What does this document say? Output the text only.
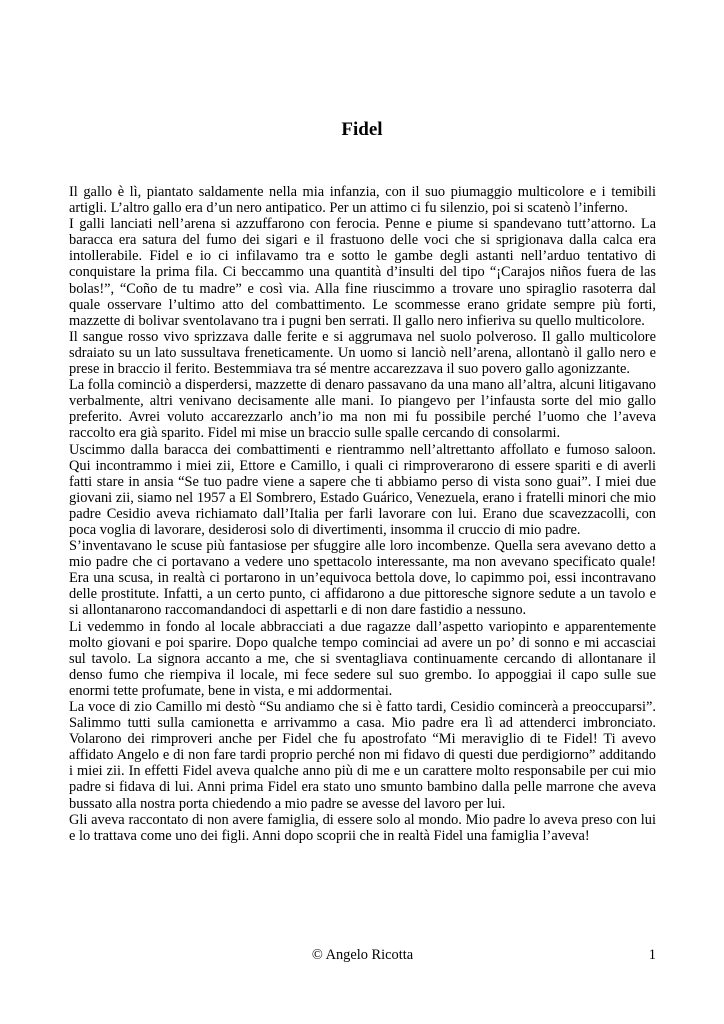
Fidel

Il gallo è lì, piantato saldamente nella mia infanzia, con il suo piumaggio multicolore e i temibili artigli. L’altro gallo era d’un nero antipatico. Per un attimo ci fu silenzio, poi si scatenò l’inferno.

I galli lanciati nell’arena si azzuffarono con ferocia. Penne e piume si spandevano tutt’attorno. La baracca era satura del fumo dei sigari e il frastuono delle voci che si sprigionava dalla calca era intollerabile. Fidel e io ci infilavamo tra e sotto le gambe degli astanti nell’arduo tentativo di conquistare la prima fila. Ci beccammo una quantità d’insulti del tipo “¡Carajos niños fuera de las bolas!”, “Coño de tu madre” e così via. Alla fine riuscimmo a trovare uno spiraglio rasoterra dal quale osservare l’ultimo atto del combattimento. Le scommesse erano gridate sempre più forti, mazzette di bolivar sventolavano tra i pugni ben serrati. Il gallo nero infieriva su quello multicolore.

Il sangue rosso vivo sprizzava dalle ferite e si aggrumava nel suolo polveroso. Il gallo multicolore sdraiato su un lato sussultava freneticamente. Un uomo si lanciò nell’arena, allontanò il gallo nero e prese in braccio il ferito. Bestemmiava tra sé mentre accarezzava il suo povero gallo agonizzante.

La folla cominciò a disperdersi, mazzette di denaro passavano da una mano all’altra, alcuni litigavano verbalmente, altri venivano decisamente alle mani. Io piangevo per l’infausta sorte del mio gallo preferito. Avrei voluto accarezzarlo anch’io ma non mi fu possibile perché l’uomo che l’aveva raccolto era già sparito. Fidel mi mise un braccio sulle spalle cercando di consolarmi.

Uscimmo dalla baracca dei combattimenti e rientrammo nell’altrettanto affollato e fumoso saloon. Qui incontrammo i miei zii, Ettore e Camillo, i quali ci rimproverarono di essere spariti e di averli fatti stare in ansia “Se tuo padre viene a sapere che ti abbiamo perso di vista sono guai”. I miei due giovani zii, siamo nel 1957 a El Sombrero, Estado Guárico, Venezuela, erano i fratelli minori che mio padre Cesidio aveva richiamato dall’Italia per farli lavorare con lui. Erano due scavezzacolli, con poca voglia di lavorare, desiderosi solo di divertimenti, insomma il cruccio di mio padre.

S’inventavano le scuse più fantasiose per sfuggire alle loro incombenze. Quella sera avevano detto a mio padre che ci portavano a vedere uno spettacolo interessante, ma non avevano specificato quale! Era una scusa, in realtà ci portarono in un’equivoca bettola dove, lo capimmo poi, essi incontravano delle prostitute. Infatti, a un certo punto, ci affidarono a due pittoresche signore sedute a un tavolo e si allontanarono raccomandandoci di aspettarli e di non dare fastidio a nessuno.

Li vedemmo in fondo al locale abbracciati a due ragazze dall’aspetto variopinto e apparentemente molto giovani e poi sparire. Dopo qualche tempo cominciai ad avere un po’ di sonno e mi accasciai sul tavolo. La signora accanto a me, che si sventagliava continuamente cercando di allontanare il denso fumo che riempiva il locale, mi fece sedere sul suo grembo. Io appoggiai il capo sulle sue enormi tette profumate, bene in vista, e mi addormentai.

La voce di zio Camillo mi destò “Su andiamo che si è fatto tardi, Cesidio comincerà a preoccuparsi”. Salimmo tutti sulla camionetta e arrivammo a casa. Mio padre era lì ad attenderci imbronciato. Volarono dei rimproveri anche per Fidel che fu apostrofato “Mi meraviglio di te Fidel! Ti avevo affidato Angelo e di non fare tardi proprio perché non mi fidavo di questi due perdigiorno” additando i miei zii. In effetti Fidel aveva qualche anno più di me e un carattere molto responsabile per cui mio padre si fidava di lui. Anni prima Fidel era stato uno smunto bambino dalla pelle marrone che aveva bussato alla nostra porta chiedendo a mio padre se avesse del lavoro per lui.

Gli aveva raccontato di non avere famiglia, di essere solo al mondo. Mio padre lo aveva preso con lui e lo trattava come uno dei figli. Anni dopo scoprii che in realtà Fidel una famiglia l’aveva!

© Angelo Ricotta	1
